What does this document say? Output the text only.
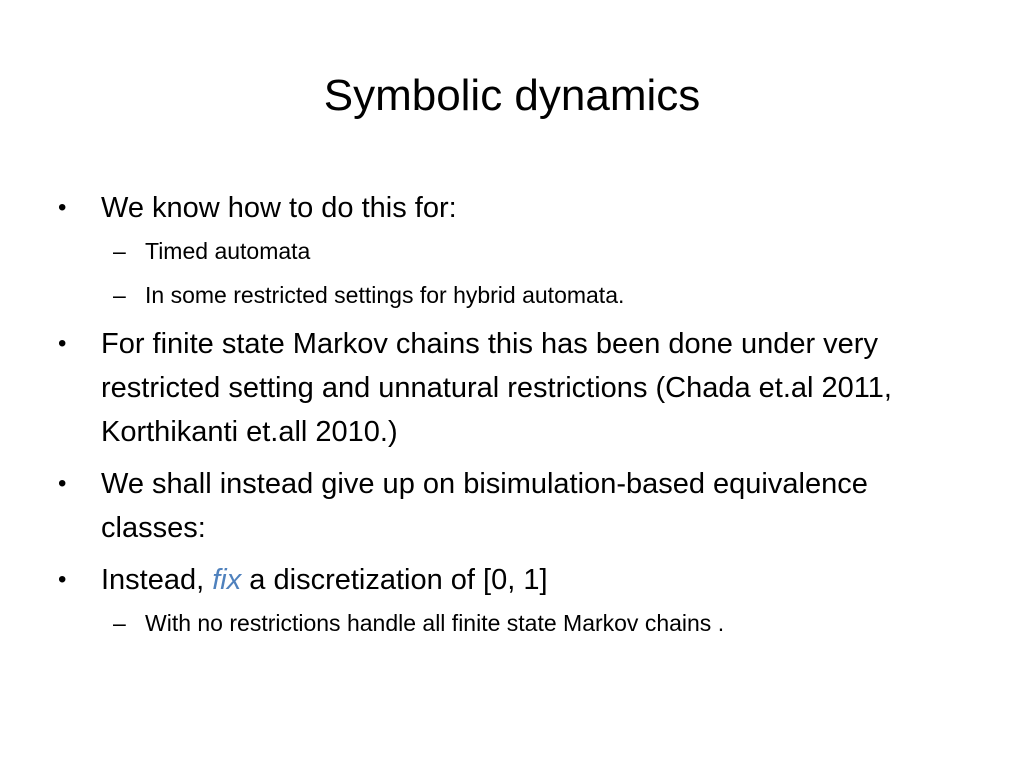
Symbolic dynamics
• We know how to do this for:
– Timed automata
– In some restricted settings for hybrid automata.
• For finite state Markov chains this has been done under very restricted setting and unnatural restrictions (Chada et.al 2011, Korthikanti et.all 2010.)
• We shall instead give up on bisimulation-based equivalence classes:
• Instead, fix a discretization of [0, 1]
– With no restrictions handle all finite state Markov chains .
